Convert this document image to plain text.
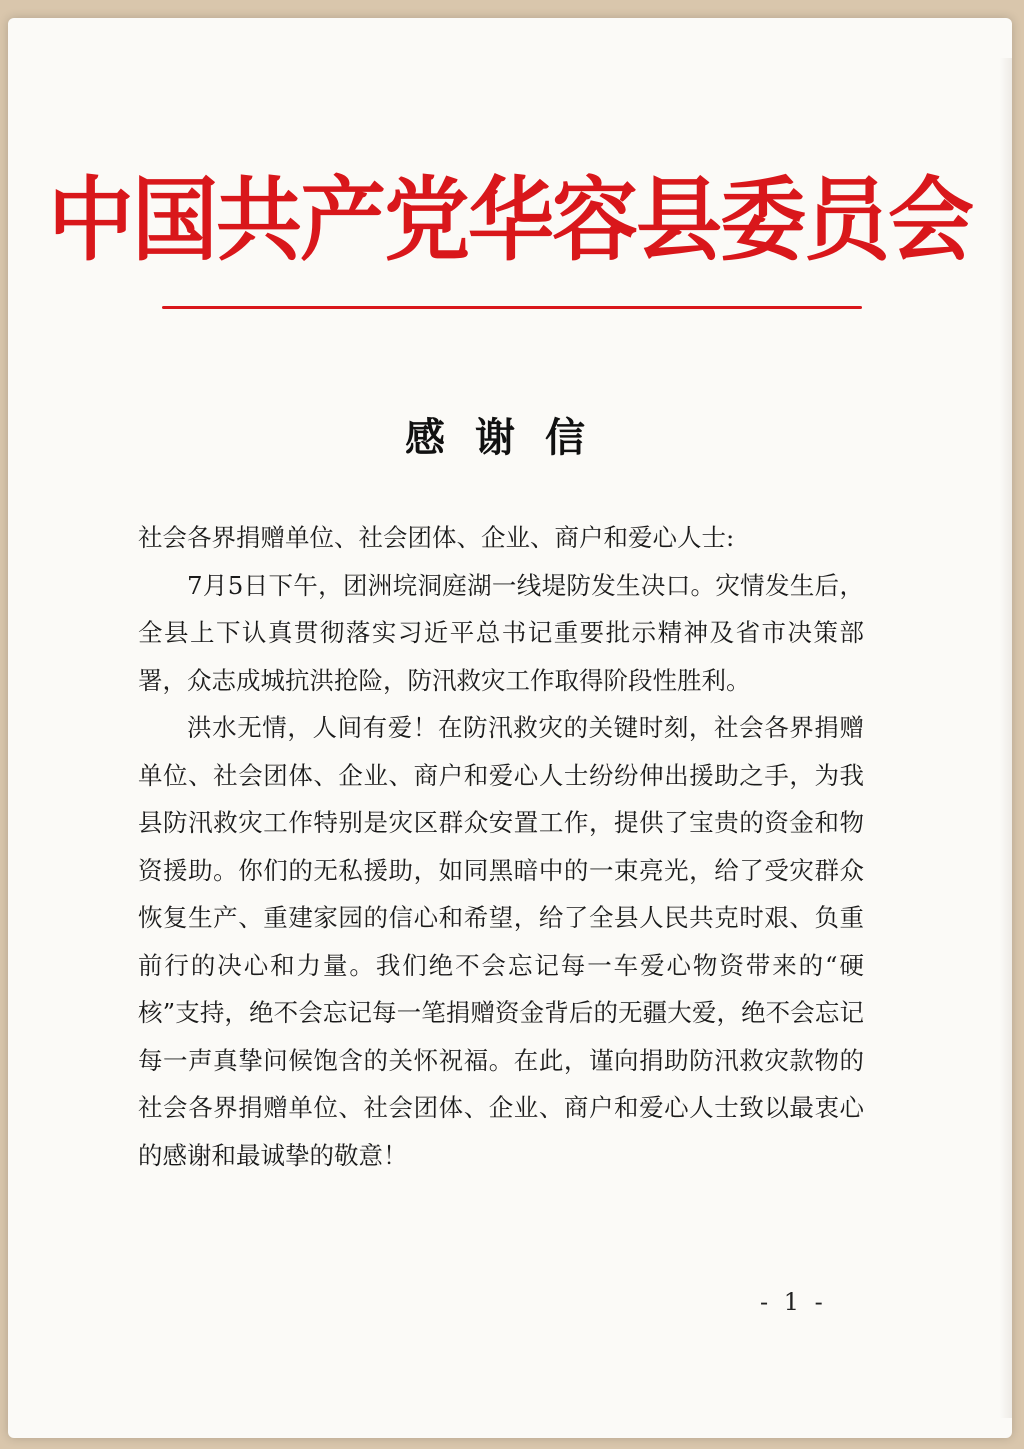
中国共产党华容县委员会
感谢信

社会各界捐赠单位、社会团体、企业、商户和爱心人士:

7月5日下午，团洲垸洞庭湖一线堤防发生决口。灾情发生后，全县上下认真贯彻落实习近平总书记重要批示精神及省市决策部署，众志成城抗洪抢险，防汛救灾工作取得阶段性胜利。

洪水无情，人间有爱！在防汛救灾的关键时刻，社会各界捐赠单位、社会团体、企业、商户和爱心人士纷纷伸出援助之手，为我县防汛救灾工作特别是灾区群众安置工作，提供了宝贵的资金和物资援助。你们的无私援助，如同黑暗中的一束亮光，给了受灾群众恢复生产、重建家园的信心和希望，给了全县人民共克时艰、负重前行的决心和力量。我们绝不会忘记每一车爱心物资带来的“硬核”支持，绝不会忘记每一笔捐赠资金背后的无疆大爱，绝不会忘记每一声真挚问候饱含的关怀祝福。在此，谨向捐助防汛救灾款物的社会各界捐赠单位、社会团体、企业、商户和爱心人士致以最衷心的感谢和最诚挚的敬意！

- 1 -
